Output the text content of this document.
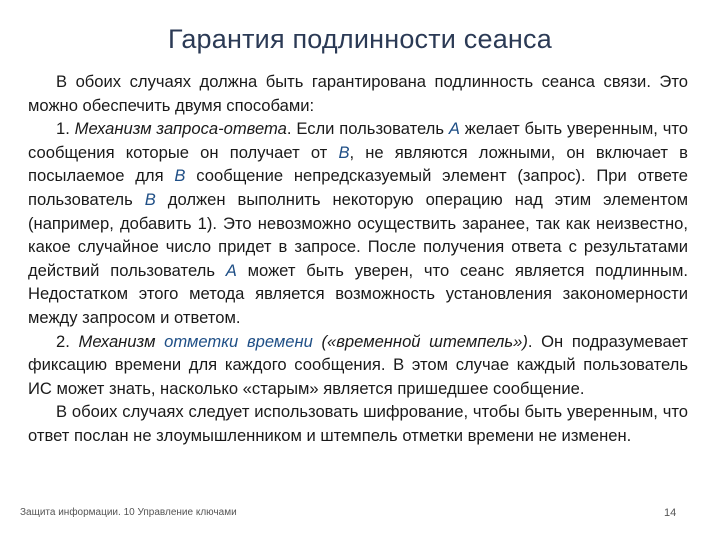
Гарантия подлинности сеанса

В обоих случаях должна быть гарантирована подлинность сеанса связи. Это можно обеспечить двумя способами:

1. Механизм запроса-ответа. Если пользователь А желает быть уверенным, что сообщения которые он получает от В, не являются ложными, он включает в посылаемое для В сообщение непредсказуемый элемент (запрос). При ответе пользователь В должен выполнить некоторую операцию над этим элементом (например, добавить 1). Это невозможно осуществить заранее, так как неизвестно, какое случайное число придет в запросе. После получения ответа с результатами действий пользователь А может быть уверен, что сеанс является подлинным. Недостатком этого метода является возможность установления закономерности между запросом и ответом.

2. Механизм отметки времени («временной штемпель»). Он подразумевает фиксацию времени для каждого сообщения. В этом случае каждый пользователь ИС может знать, насколько «старым» является пришедшее сообщение.

В обоих случаях следует использовать шифрование, чтобы быть уверенным, что ответ послан не злоумышленником и штемпель отметки времени не изменен.

Защита информации. 10 Управление ключами	14
